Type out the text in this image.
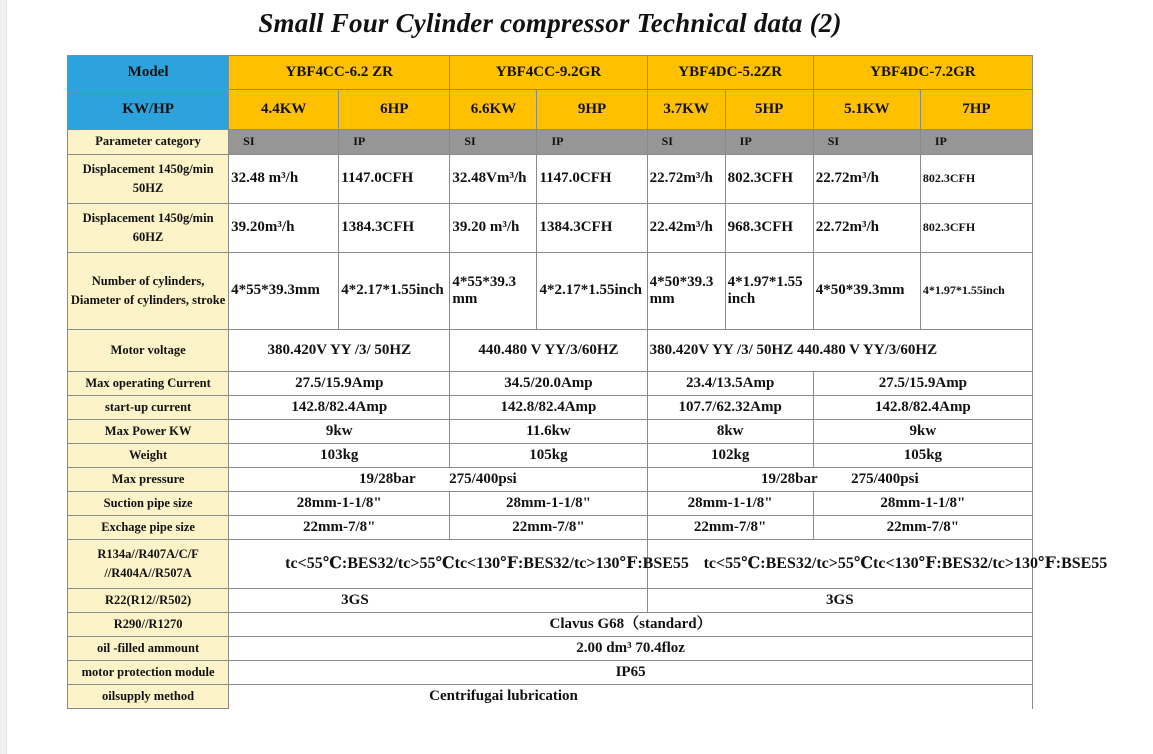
Small Four Cylinder compressor Technical data (2)
Model	YBF4CC-6.2 ZR		YBF4CC-9.2GR		YBF4DC-5.2ZR		YBF4DC-7.2GR	
KW/HP	4.4KW	6HP	6.6KW	9HP	3.7KW	5HP	5.1KW	7HP
Parameter category	SI	IP	SI	IP	SI	IP	SI	IP
Displacement 1450g/min 50HZ	32.48 m³/h	1147.0CFH	32.48Vm³/h	1147.0CFH	22.72m³/h	802.3CFH	22.72m³/h	802.3CFH
Displacement 1450g/min 60HZ	39.20m³/h	1384.3CFH	39.20 m³/h	1384.3CFH	22.42m³/h	968.3CFH	22.72m³/h	802.3CFH
Number of cylinders, Diameter of cylinders, stroke	4*55*39.3mm	4*2.17*1.55inch	4*55*39.3 mm	4*2.17*1.55inch	4*50*39.3 mm	4*1.97*1.55 inch	4*50*39.3mm	4*1.97*1.55inch
Motor voltage	380.420V YY /3/ 50HZ		440.480 V YY/3/60HZ		380.420V YY /3/ 50HZ 440.480 V YY/3/60HZ			
Max operating Current	27.5/15.9Amp		34.5/20.0Amp		23.4/13.5Amp		27.5/15.9Amp	
start-up current	142.8/82.4Amp		142.8/82.4Amp		107.7/62.32Amp		142.8/82.4Amp	
Max Power KW	9kw		11.6kw		8kw		9kw	
Weight	103kg		105kg		102kg		105kg	
Max pressure	19/28bar         275/400psi				19/28bar         275/400psi			
Suction pipe size	28mm-1-1/8"		28mm-1-1/8"		28mm-1-1/8"		28mm-1-1/8"	
Exchage pipe size	22mm-7/8"		22mm-7/8"		22mm-7/8"		22mm-7/8"	
R134a//R407A/C/F //R404A//R507A	tc<55℃:BES32/tc>55℃tc<130℉:BES32/tc>130℉:BSE55				tc<55℃:BES32/tc>55℃tc<130℉:BES32/tc>130℉:BSE55			
R22(R12//R502)	3GS				3GS			
R290//R1270	Clavus G68（standard）							
oil -filled ammount	2.00 dm³ 70.4floz							
motor protection module	IP65							
oilsupply method	Centrifugai lubrication							
